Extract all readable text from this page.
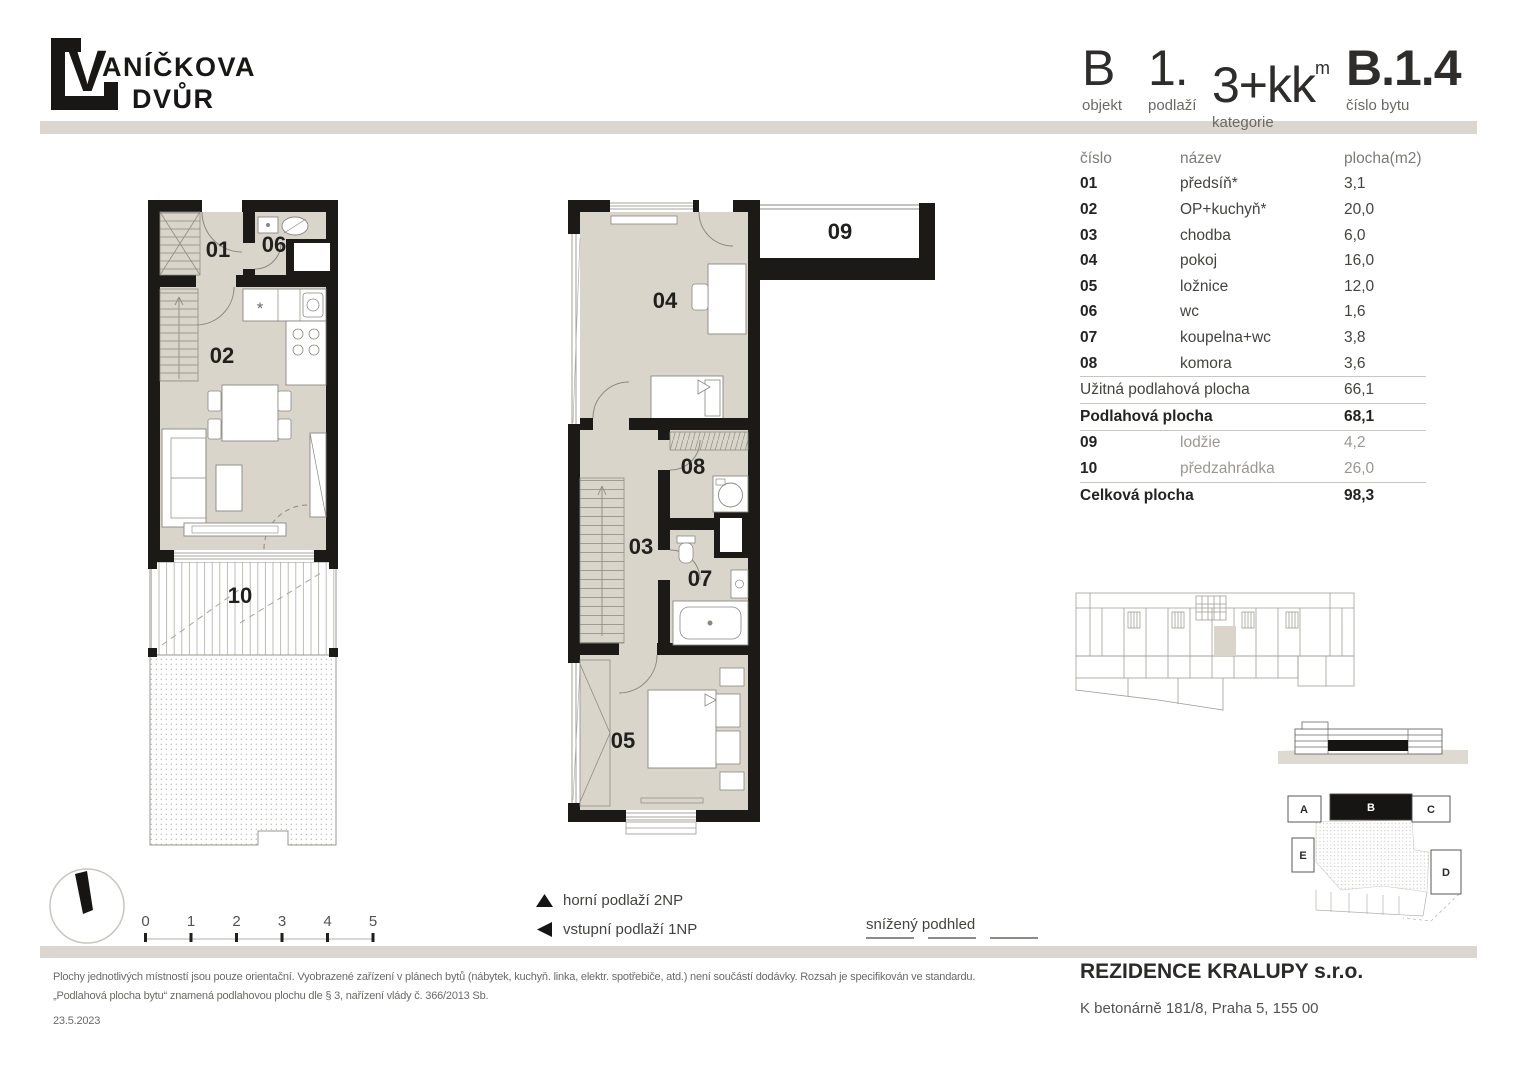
V
ANÍČKOVA
DVŮR
B
objekt
1.
podlaží $3+kk^m$
kategorie
B.1.4
číslo bytu
číslo	název	plocha(m2)
01	předsíň*	3,1
02	OP+kuchyň*	20,0
03	chodba	6,0
04	pokoj	16,0
05	ložnice	12,0
06	wc	1,6
07	koupelna+wc	3,8
08	komora	3,6
Užitná podlahová plocha	66,1
Podlahová plocha	68,1
09	lodžie	4,2
10	předzahrádka	26,0
Celková plocha	98,3
*
01 06
02
10
04
09
08
03
07
05
A	B	C
E
D
0 1 2 3 4 5
horní podlaží 2NP
vstupní podlaží 1NP	snížený podhled
Plochy jednotlivých místností jsou pouze orientační. Vyobrazené zařízení v plánech bytů (nábytek, kuchyň. linka, elektr. spotřebiče, atd.) není součástí dodávky. Rozsah je specifikován ve standardu.
„Podlahová plocha bytu“ znamená podlahovou plochu dle § 3, nařízení vlády č. 366/2013 Sb.
23.5.2023
REZIDENCE KRALUPY s.r.o.
K betonárně 181/8, Praha 5, 155 00
